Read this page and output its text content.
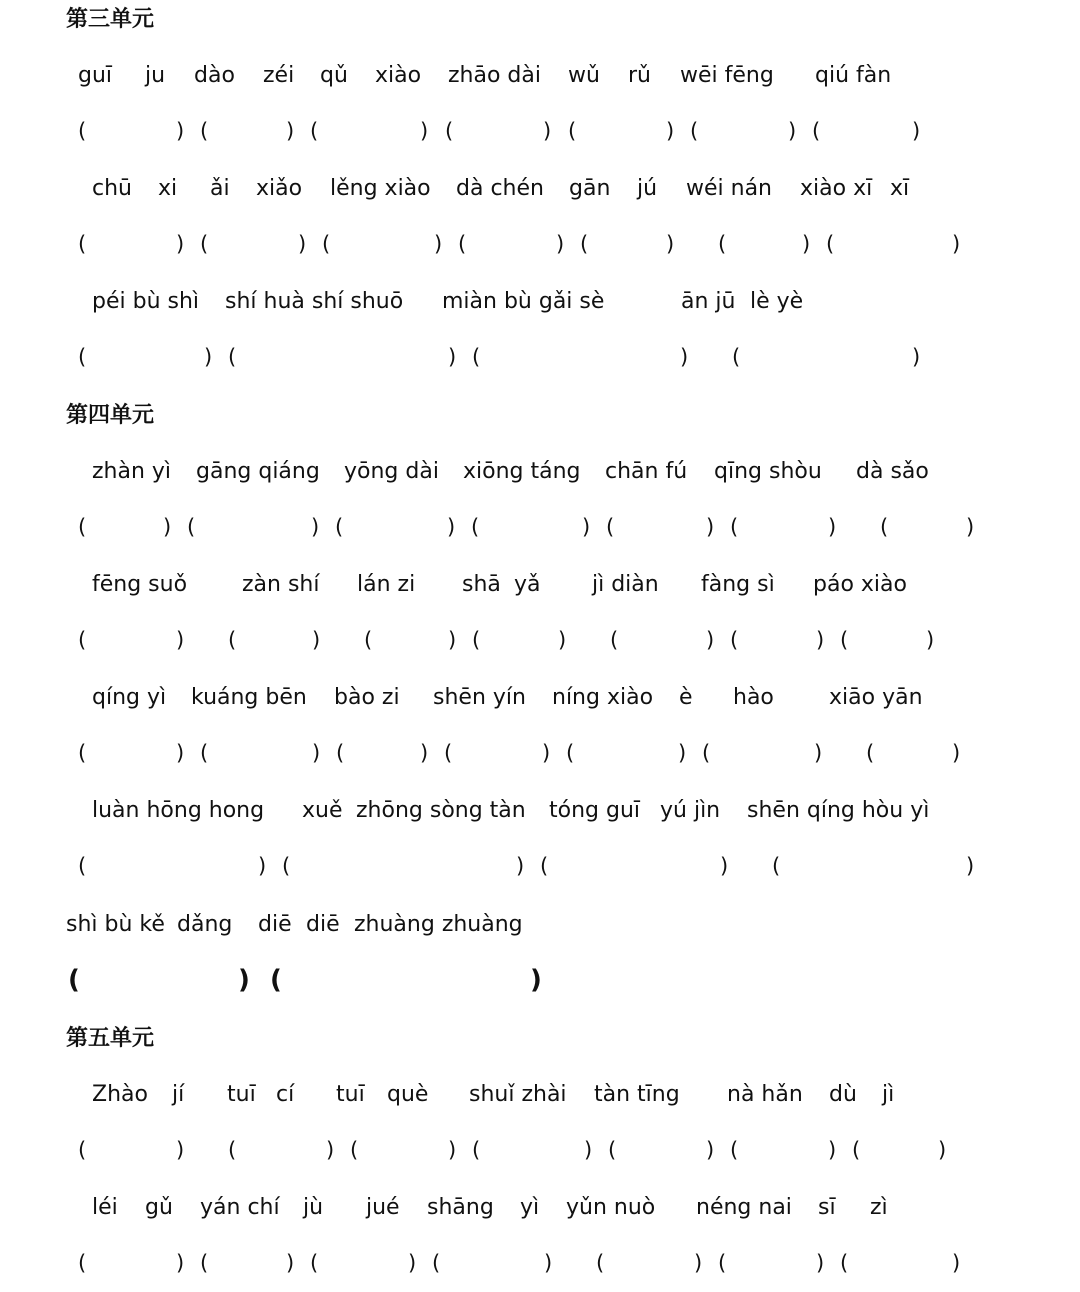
第三单元
guī ju dào zéi qǔ xiào zhāo dài wǔ rǔ wēi fēng qiú fàn
(	) (	) (	) (	) (	) (	) (	)
chū xi ǎi xiǎo lěng xiào dà chén gān jú wéi nán xiào xī xī
(	) (	) (	) (	) (	) (	) (	)
péi bù shì shí huà shí shuō miàn bù gǎi sè	ān jū lè yè
(	) (	) (	) (	)
第四单元
zhàn yì gāng qiáng yōng dài xiōng táng chān fú qīng shòu dà sǎo
(	) (	) (	) (	) (	) (	) (	)
fēng suǒ zàn shí lán zi shā yǎ jì diàn fàng sì páo xiào
(	) (	) (	) (	) (	) (	) (	)
qíng yì kuáng bēn bào zi shēn yín níng xiào è hào	xiāo yān
(	) (	) (	) (	) (	) (	) (	)
luàn hōng hong xuě zhōng sòng tàn tóng guī yú jìn shēn qíng hòu yì
(	) (	) (	) (	)
shì bù kě dǎng diē diē zhuàng zhuàng
(	) (	)
第五单元
Zhào jí tuī cí tuī què shuǐ zhài tàn tīng nà hǎn dù jì
(	) (	) (	) (	) (	) (	) (	)
léi gǔ yán chí jù jué shāng yì yǔn nuò néng nai sī zì
(	) (	) (	) (	) (	) (	) (	)
